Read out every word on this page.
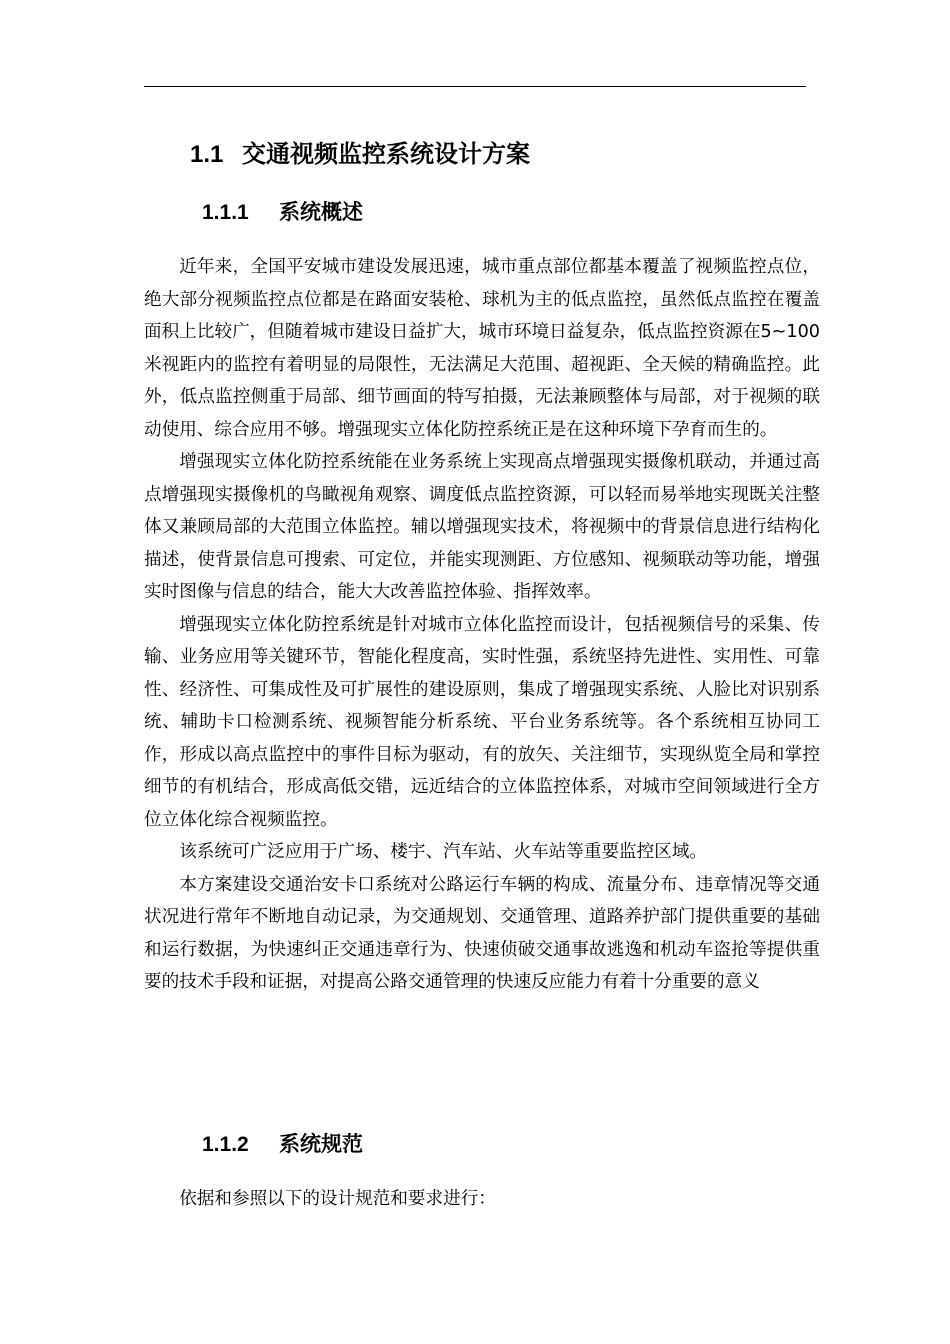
1.1 交通视频监控系统设计方案
1.1.1 系统概述

近年来，全国平安城市建设发展迅速，城市重点部位都基本覆盖了视频监控点位，绝大部分视频监控点位都是在路面安装枪、球机为主的低点监控，虽然低点监控在覆盖面积上比较广，但随着城市建设日益扩大，城市环境日益复杂，低点监控资源在5~100米视距内的监控有着明显的局限性，无法满足大范围、超视距、全天候的精确监控。此外，低点监控侧重于局部、细节画面的特写拍摄，无法兼顾整体与局部，对于视频的联动使用、综合应用不够。增强现实立体化防控系统正是在这种环境下孕育而生的。

增强现实立体化防控系统能在业务系统上实现高点增强现实摄像机联动，并通过高点增强现实摄像机的鸟瞰视角观察、调度低点监控资源，可以轻而易举地实现既关注整体又兼顾局部的大范围立体监控。辅以增强现实技术，将视频中的背景信息进行结构化描述，使背景信息可搜索、可定位，并能实现测距、方位感知、视频联动等功能，增强实时图像与信息的结合，能大大改善监控体验、指挥效率。

增强现实立体化防控系统是针对城市立体化监控而设计，包括视频信号的采集、传输、业务应用等关键环节，智能化程度高，实时性强，系统坚持先进性、实用性、可靠性、经济性、可集成性及可扩展性的建设原则，集成了增强现实系统、人脸比对识别系统、辅助卡口检测系统、视频智能分析系统、平台业务系统等。各个系统相互协同工作，形成以高点监控中的事件目标为驱动，有的放矢、关注细节，实现纵览全局和掌控细节的有机结合，形成高低交错，远近结合的立体监控体系，对城市空间领域进行全方位立体化综合视频监控。

该系统可广泛应用于广场、楼宇、汽车站、火车站等重要监控区域。

本方案建设交通治安卡口系统对公路运行车辆的构成、流量分布、违章情况等交通状况进行常年不断地自动记录，为交通规划、交通管理、道路养护部门提供重要的基础和运行数据，为快速纠正交通违章行为、快速侦破交通事故逃逸和机动车盗抢等提供重要的技术手段和证据，对提高公路交通管理的快速反应能力有着十分重要的意义

1.1.2 系统规范

依据和参照以下的设计规范和要求进行：
